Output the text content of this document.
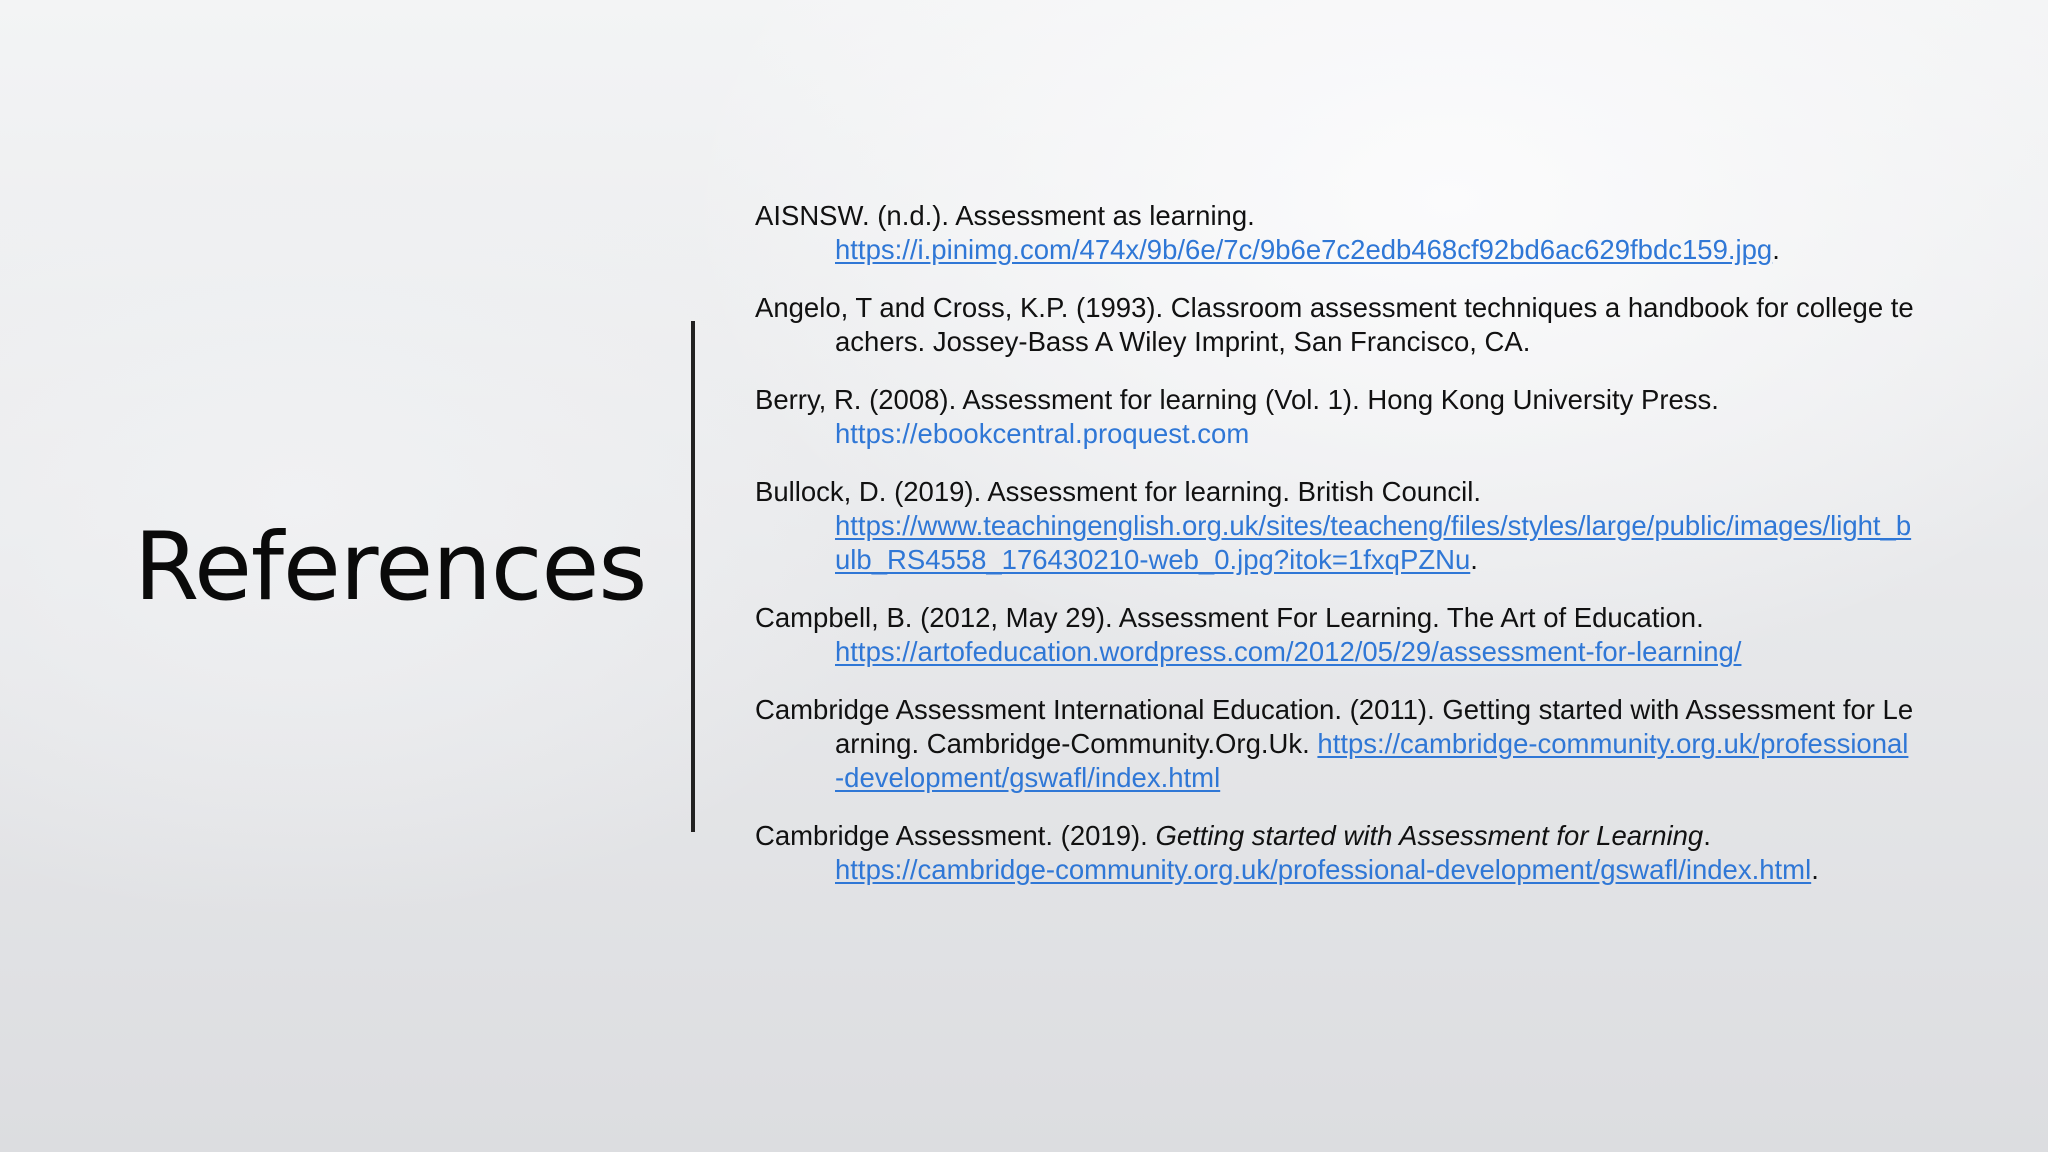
References

AISNSW. (n.d.). Assessment as learning.
https://i.pinimg.com/474x/9b/6e/7c/9b6e7c2edb468cf92bd6ac629fbdc159.jpg.

Angelo, T and Cross, K.P. (1993). Classroom assessment techniques a handbook for college teachers. Jossey-Bass A Wiley Imprint, San Francisco, CA.

Berry, R. (2008). Assessment for learning (Vol. 1). Hong Kong University Press.
https://ebookcentral.proquest.com

Bullock, D. (2019). Assessment for learning. British Council.
https://www.teachingenglish.org.uk/sites/teacheng/files/styles/large/public/images/light_bulb_RS4558_176430210-web_0.jpg?itok=1fxqPZNu.

Campbell, B. (2012, May 29). Assessment For Learning. The Art of Education.
https://artofeducation.wordpress.com/2012/05/29/assessment-for-learning/

Cambridge Assessment International Education. (2011). Getting started with Assessment for Learning. Cambridge-Community.Org.Uk. https://cambridge-community.org.uk/professional-development/gswafl/index.html

Cambridge Assessment. (2019). Getting started with Assessment for Learning.
https://cambridge-community.org.uk/professional-development/gswafl/index.html.
